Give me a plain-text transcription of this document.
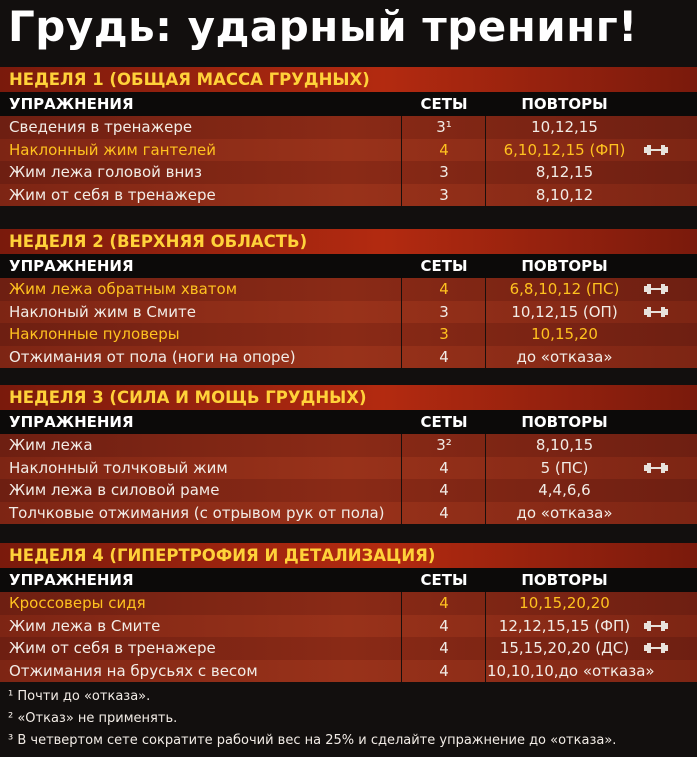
Грудь: ударный тренинг!
НЕДЕЛЯ 1 (ОБЩАЯ МАССА ГРУДНЫХ)
УПРАЖНЕНИЯ	СЕТЫ	ПОВТОРЫ
Сведения в тренажере	3¹	10,12,15
Наклонный жим гантелей	4	6,10,12,15 (ФП)
Жим лежа головой вниз	3	8,12,15
Жим от себя в тренажере	3	8,10,12
НЕДЕЛЯ 2 (ВЕРХНЯЯ ОБЛАСТЬ)
УПРАЖНЕНИЯ	СЕТЫ	ПОВТОРЫ
Жим лежа обратным хватом	4	6,8,10,12 (ПС)
Наклоный жим в Смите	3	10,12,15 (ОП)
Наклонные пуловеры	3	10,15,20
Отжимания от пола (ноги на опоре)	4	до «отказа»
НЕДЕЛЯ 3 (СИЛА И МОЩЬ ГРУДНЫХ)
УПРАЖНЕНИЯ	СЕТЫ	ПОВТОРЫ
Жим лежа	3²	8,10,15
Наклонный толчковый жим	4	5 (ПС)
Жим лежа в силовой раме	4	4,4,6,6
Толчковые отжимания (с отрывом рук от пола)	4	до «отказа»
НЕДЕЛЯ 4 (ГИПЕРТРОФИЯ И ДЕТАЛИЗАЦИЯ)
УПРАЖНЕНИЯ	СЕТЫ	ПОВТОРЫ
Кроссоверы сидя	4	10,15,20,20
Жим лежа в Смите	4	12,12,15,15 (ФП)
Жим от себя в тренажере	4	15,15,20,20 (ДС)
Отжимания на брусьях с весом	4	10,10,10,до «отказа»
¹ Почти до «отказа».
² «Отказ» не применять.
³ В четвертом сете сократите рабочий вес на 25% и сделайте упражнение до «отказа».
